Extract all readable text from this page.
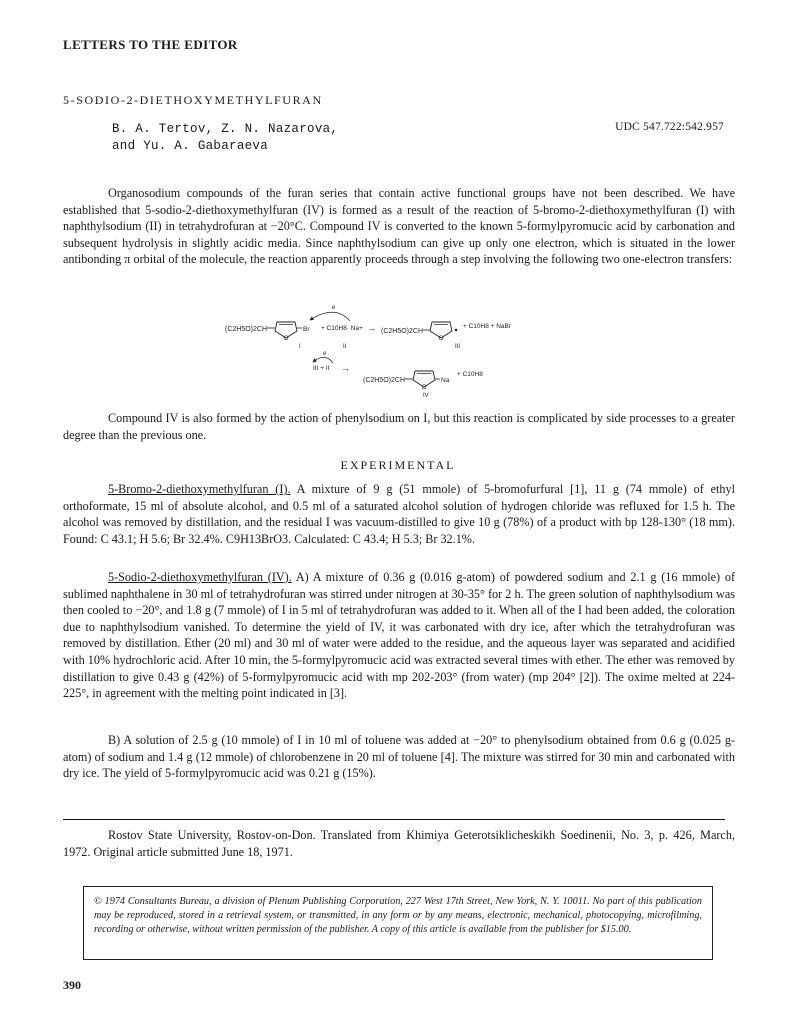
LETTERS TO THE EDITOR
5-SODIO-2-DIETHOXYMETHYLFURAN
B. A. Tertov, Z. N. Nazarova,
and Yu. A. Gabaraeva
UDC 547.722:542.957

Organosodium compounds of the furan series that contain active functional groups have not been described. We have established that 5-sodio-2-diethoxymethylfuran (IV) is formed as a result of the reaction of 5-bromo-2-diethoxymethylfuran (I) with naphthylsodium (II) in tetrahydrofuran at −20°C. Compound IV is converted to the known 5-formylpyromucic acid by carbonation and subsequent hydrolysis in slightly acidic media. Since naphthylsodium can give up only one electron, which is situated in the lower antibonding π orbital of the molecule, the reaction apparently proceeds through a step involving the following two one-electron transfers:

(C2H5O)2CH
O
Br
e
+ C10H8· Na+ → (C2H5O)2CH
O
+ C10H8 + NaBr
I	II	III
e
III + II →
(C2H5O)2CH
O
Na
+ C10H8
IV

Compound IV is also formed by the action of phenylsodium on I, but this reaction is complicated by side processes to a greater degree than the previous one.

EXPERIMENTAL

5-Bromo-2-diethoxymethylfuran (I). A mixture of 9 g (51 mmole) of 5-bromofurfural [1], 11 g (74 mmole) of ethyl orthoformate, 15 ml of absolute alcohol, and 0.5 ml of a saturated alcohol solution of hydrogen chloride was refluxed for 1.5 h. The alcohol was removed by distillation, and the residual I was vacuum-distilled to give 10 g (78%) of a product with bp 128-130° (18 mm). Found: C 43.1; H 5.6; Br 32.4%. C9H13BrO3. Calculated: C 43.4; H 5.3; Br 32.1%.

5-Sodio-2-diethoxymethylfuran (IV). A) A mixture of 0.36 g (0.016 g-atom) of powdered sodium and 2.1 g (16 mmole) of sublimed naphthalene in 30 ml of tetrahydrofuran was stirred under nitrogen at 30-35° for 2 h. The green solution of naphthylsodium was then cooled to −20°, and 1.8 g (7 mmole) of I in 5 ml of tetrahydrofuran was added to it. When all of the I had been added, the coloration due to naphthylsodium vanished. To determine the yield of IV, it was carbonated with dry ice, after which the tetrahydrofuran was removed by distillation. Ether (20 ml) and 30 ml of water were added to the residue, and the aqueous layer was separated and acidified with 10% hydrochloric acid. After 10 min, the 5-formylpyromucic acid was extracted several times with ether. The ether was removed by distillation to give 0.43 g (42%) of 5-formylpyromucic acid with mp 202-203° (from water) (mp 204° [2]). The oxime melted at 224-225°, in agreement with the melting point indicated in [3].

B) A solution of 2.5 g (10 mmole) of I in 10 ml of toluene was added at −20° to phenylsodium obtained from 0.6 g (0.025 g-atom) of sodium and 1.4 g (12 mmole) of chlorobenzene in 20 ml of toluene [4]. The mixture was stirred for 30 min and carbonated with dry ice. The yield of 5-formylpyromucic acid was 0.21 g (15%).

Rostov State University, Rostov-on-Don. Translated from Khimiya Geterotsiklicheskikh Soedinenii, No. 3, p. 426, March, 1972. Original article submitted June 18, 1971.

© 1974 Consultants Bureau, a division of Plenum Publishing Corporation, 227 West 17th Street, New York, N. Y. 10011. No part of this publication may be reproduced, stored in a retrieval system, or transmitted, in any form or by any means, electronic, mechanical, photocopying, microfilming, recording or otherwise, without written permission of the publisher. A copy of this article is available from the publisher for $15.00.
390
